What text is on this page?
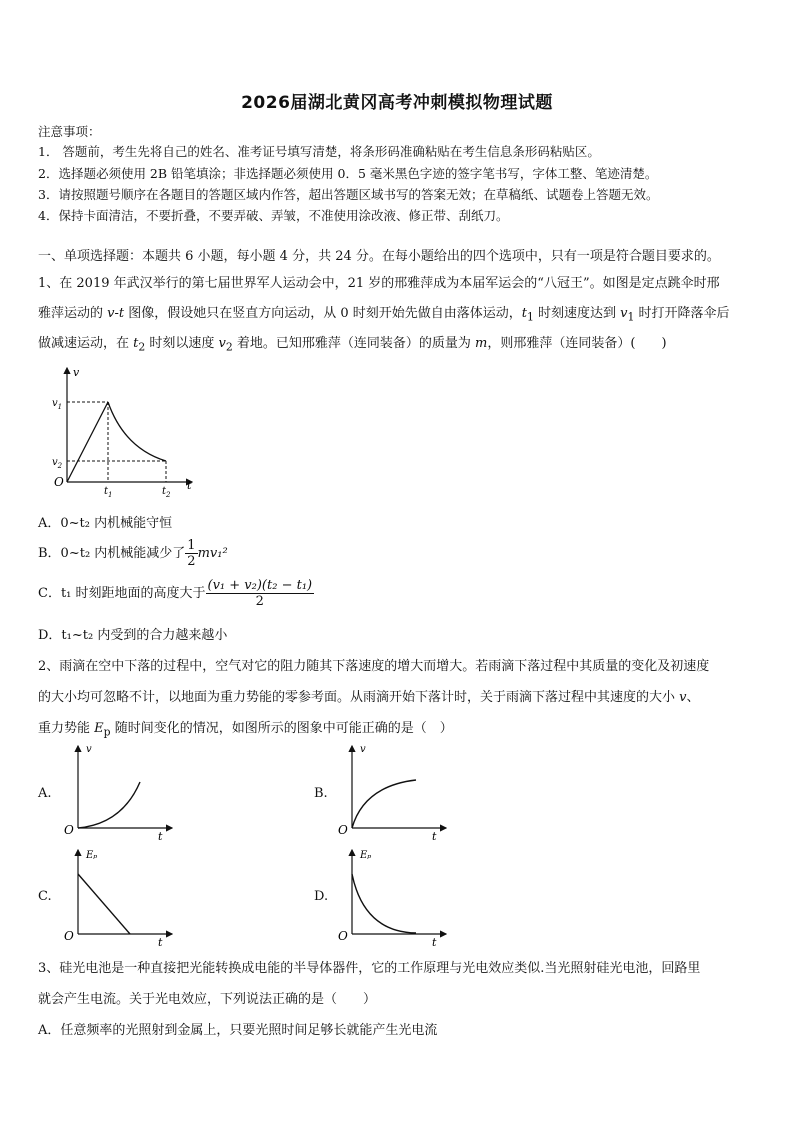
2026届湖北黄冈高考冲刺模拟物理试题
注意事项：
1． 答题前，考生先将自己的姓名、准考证号填写清楚，将条形码准确粘贴在考生信息条形码粘贴区。
2．选择题必须使用 2B 铅笔填涂；非选择题必须使用 0．5 毫米黑色字迹的签字笔书写，字体工整、笔迹清楚。
3．请按照题号顺序在各题目的答题区域内作答，超出答题区域书写的答案无效；在草稿纸、试题卷上答题无效。
4．保持卡面清洁，不要折叠，不要弄破、弄皱，不准使用涂改液、修正带、刮纸刀。
一、单项选择题：本题共 6 小题，每小题 4 分，共 24 分。在每小题给出的四个选项中，只有一项是符合题目要求的。
1、在 2019 年武汉举行的第七届世界军人运动会中，21 岁的邢雅萍成为本届军运会的“八冠王”。如图是定点跳伞时邢
雅萍运动的 v-t 图像，假设她只在竖直方向运动，从 0 时刻开始先做自由落体运动，$t_1$ 时刻速度达到 $v_1$ 时打开降落伞后
做减速运动，在 $t_2$ 时刻以速度 $v_2$ 着地。已知邢雅萍（连同装备）的质量为 m，则邢雅萍（连同装备）(　　)
v
t
O
$v_1$
$v_2$
$t_1$	$t_2$
A．0~t₂ 内机械能守恒
B．0~t₂ 内机械能减少了 $\frac{1}{2} mv_1^2$
C．t₁ 时刻距地面的高度大于 $\frac{\text{(v₁ + v₂)(t₂ − t₁)}}{2}$
D．t₁~t₂ 内受到的合力越来越小
2、雨滴在空中下落的过程中，空气对它的阻力随其下落速度的增大而增大。若雨滴下落过程中其质量的变化及初速度
的大小均可忽略不计，以地面为重力势能的零参考面。从雨滴开始下落计时，关于雨滴下落过程中其速度的大小 v、
重力势能 $E_p$ 随时间变化的情况，如图所示的图象中可能正确的是（　）
A.
v
t
O
B.
v
t
O
C.
Eₚ
t
O
D.
Eₚ
t
O
3、硅光电池是一种直接把光能转换成电能的半导体器件，它的工作原理与光电效应类似.当光照射硅光电池，回路里
就会产生电流。关于光电效应，下列说法正确的是（　　）
A．任意频率的光照射到金属上，只要光照时间足够长就能产生光电流
